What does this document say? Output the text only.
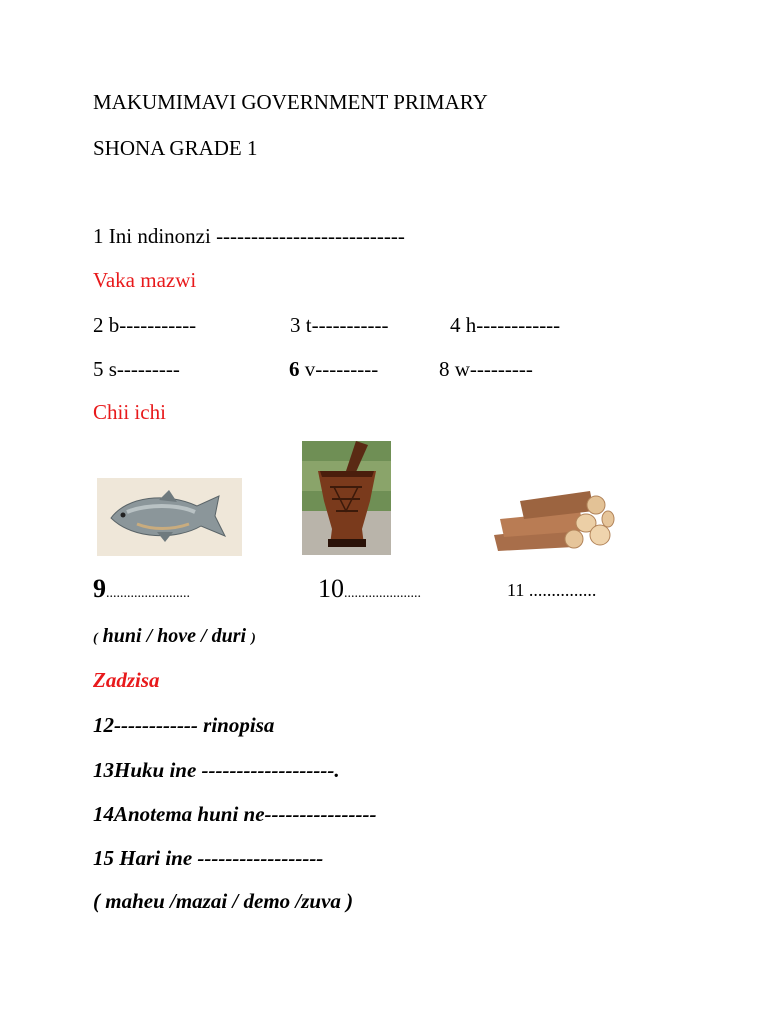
MAKUMIMAVI GOVERNMENT PRIMARY
SHONA GRADE 1
1 Ini ndinonzi ---------------------------
Vaka mazwi
2 b-----------	3 t-----------	4 h------------
5 s---------	6 v---------	8 w---------
Chii ichi
9........................	10......................	11 ...............
( huni / hove / duri )
Zadzisa
12------------ rinopisa
13Huku ine -------------------.
14Anotema huni ne----------------
15 Hari ine ------------------
( maheu /mazai / demo /zuva )
